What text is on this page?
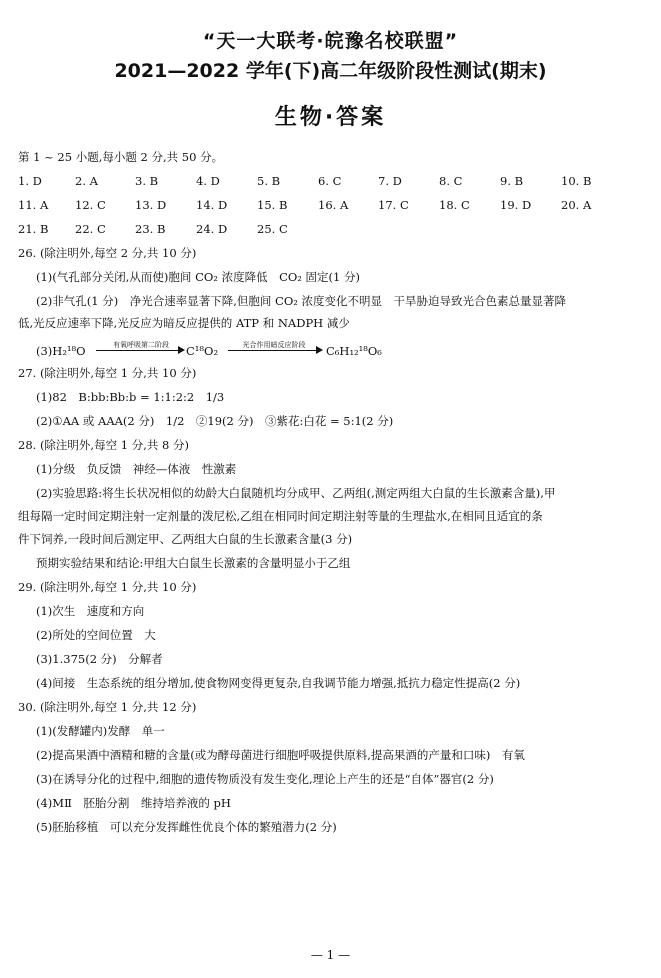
“天一大联考·皖豫名校联盟”
2021—2022 学年(下)高二年级阶段性测试(期末)
生物·答案
第 1 ~ 25 小题,每小题 2 分,共 50 分。
1. D	2. A	3. B	4. D	5. B	6. C	7. D	8. C	9. B	10. B
11. A 12. C	13. D	14. D	15. B	16. A	17. C	18. C	19. D	20. A
21. B 22. C	23. B	24. D	25. C
26. (除注明外,每空 2 分,共 10 分)
(1)(气孔部分关闭,从而使)胞间 CO₂ 浓度降低　CO₂ 固定(1 分)
(2)非气孔(1 分)　净光合速率显著下降,但胞间 CO₂ 浓度变化不明显　干旱胁迫导致光合色素总量显著降
低,光反应速率下降,光反应为暗反应提供的 ATP 和 NADPH 减少
(3)H₂¹⁸O	有氧呼吸第二阶段	C¹⁸O₂	光合作用暗反应阶段	C₆H₁₂¹⁸O₆
27. (除注明外,每空 1 分,共 10 分)
(1)82　B:bb:Bb:b = 1:1:2:2　1/3
(2)①AA 或 AAA(2 分)　1/2　②19(2 分)　③紫花:白花 = 5:1(2 分)
28. (除注明外,每空 1 分,共 8 分)
(1)分级　负反馈　神经—体液　性激素
(2)实验思路:将生长状况相似的幼龄大白鼠随机均分成甲、乙两组(,测定两组大白鼠的生长激素含量),甲
组每隔一定时间定期注射一定剂量的泼尼松,乙组在相同时间定期注射等量的生理盐水,在相同且适宜的条
件下饲养,一段时间后测定甲、乙两组大白鼠的生长激素含量(3 分)
预期实验结果和结论:甲组大白鼠生长激素的含量明显小于乙组
29. (除注明外,每空 1 分,共 10 分)
(1)次生　速度和方向
(2)所处的空间位置　大
(3)1.375(2 分)　分解者
(4)间接　生态系统的组分增加,使食物网变得更复杂,自我调节能力增强,抵抗力稳定性提高(2 分)
30. (除注明外,每空 1 分,共 12 分)
(1)(发酵罐内)发酵　单一
(2)提高果酒中酒精和糖的含量(或为酵母菌进行细胞呼吸提供原料,提高果酒的产量和口味)　有氧
(3)在诱导分化的过程中,细胞的遗传物质没有发生变化,理论上产生的还是“自体”器官(2 分)
(4)MⅡ　胚胎分割　维持培养液的 pH
(5)胚胎移植　可以充分发挥雌性优良个体的繁殖潜力(2 分)
— 1 —
